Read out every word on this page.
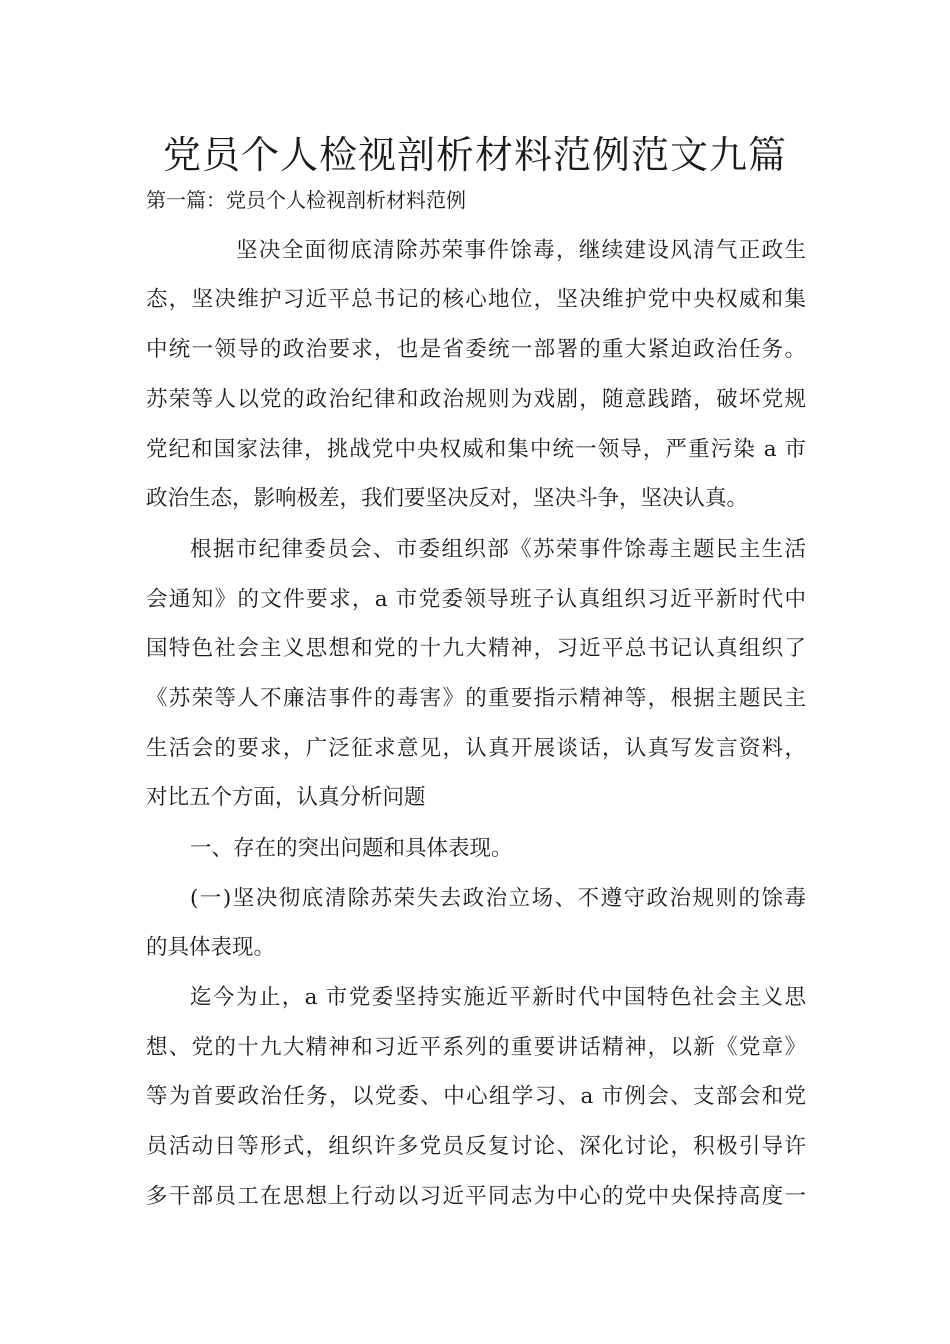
党员个人检视剖析材料范例范文九篇

第一篇：党员个人检视剖析材料范例

坚决全面彻底清除苏荣事件馀毒，继续建设风清气正政生

态，坚决维护习近平总书记的核心地位，坚决维护党中央权威和集

中统一领导的政治要求，也是省委统一部署的重大紧迫政治任务。

苏荣等人以党的政治纪律和政治规则为戏剧，随意践踏，破坏党规

党纪和国家法律，挑战党中央权威和集中统一领导，严重污染 a 市

政治生态，影响极差，我们要坚决反对，坚决斗争，坚决认真。

根据市纪律委员会、市委组织部《苏荣事件馀毒主题民主生活

会通知》的文件要求，a 市党委领导班子认真组织习近平新时代中

国特色社会主义思想和党的十九大精神，习近平总书记认真组织了

《苏荣等人不廉洁事件的毒害》的重要指示精神等，根据主题民主

生活会的要求，广泛征求意见，认真开展谈话，认真写发言资料，

对比五个方面，认真分析问题

一、存在的突出问题和具体表现。

(一)坚决彻底清除苏荣失去政治立场、不遵守政治规则的馀毒

的具体表现。

迄今为止，a 市党委坚持实施近平新时代中国特色社会主义思

想、党的十九大精神和习近平系列的重要讲话精神，以新《党章》

等为首要政治任务，以党委、中心组学习、a 市例会、支部会和党

员活动日等形式，组织许多党员反复讨论、深化讨论，积极引导许

多干部员工在思想上行动以习近平同志为中心的党中央保持高度一
